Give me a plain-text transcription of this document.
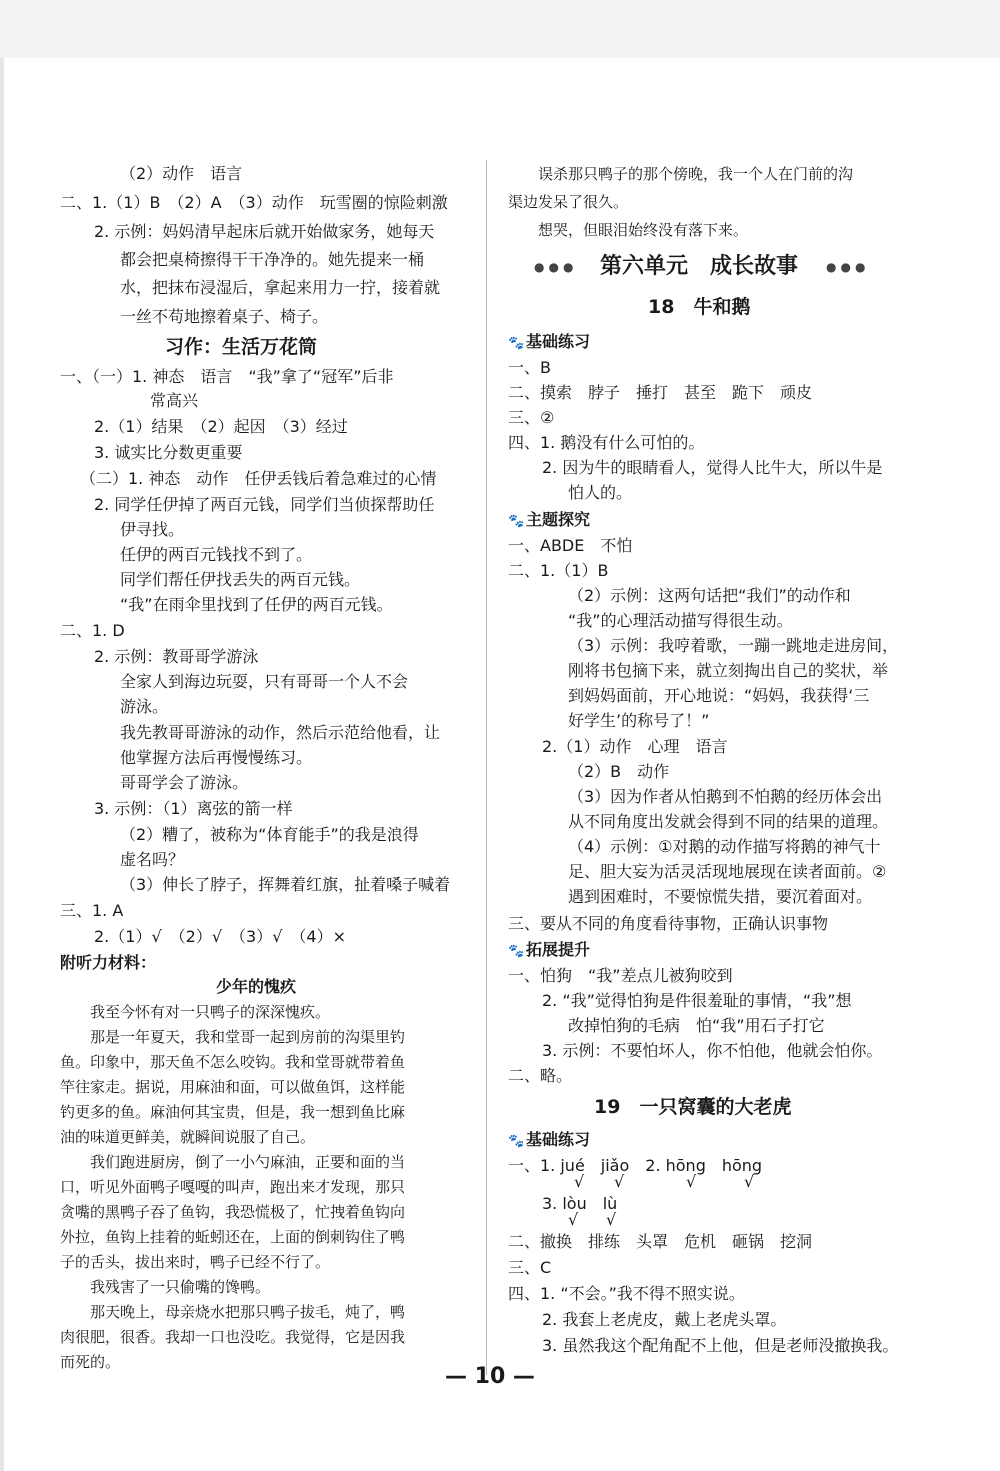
（2）动作　语言
二、1.（1）B　（2）A　（3）动作　玩雪圈的惊险刺激
2. 示例：妈妈清早起床后就开始做家务，她每天
都会把桌椅擦得干干净净的。她先提来一桶
水，把抹布浸湿后，拿起来用力一拧，接着就
一丝不苟地擦着桌子、椅子。
习作：生活万花筒
一、（一）1. 神态　语言　“我”拿了“冠军”后非
常高兴
2.（1）结果　（2）起因　（3）经过
3. 诚实比分数更重要
（二）1. 神态　动作　任伊丢钱后着急难过的心情
2. 同学任伊掉了两百元钱，同学们当侦探帮助任
伊寻找。
任伊的两百元钱找不到了。
同学们帮任伊找丢失的两百元钱。
“我”在雨伞里找到了任伊的两百元钱。
二、1. D
2. 示例：教哥哥学游泳
全家人到海边玩耍，只有哥哥一个人不会
游泳。
我先教哥哥游泳的动作，然后示范给他看，让
他掌握方法后再慢慢练习。
哥哥学会了游泳。
3. 示例：（1）离弦的箭一样
（2）糟了，被称为“体育能手”的我是浪得
虚名吗？
（3）伸长了脖子，挥舞着红旗，扯着嗓子喊着
三、1. A
2.（1）√　（2）√　（3）√　（4）×
附听力材料：
少年的愧疚
我至今怀有对一只鸭子的深深愧疚。
那是一年夏天，我和堂哥一起到房前的沟渠里钓
鱼。印象中，那天鱼不怎么咬钩。我和堂哥就带着鱼
竿往家走。据说，用麻油和面，可以做鱼饵，这样能
钓更多的鱼。麻油何其宝贵，但是，我一想到鱼比麻
油的味道更鲜美，就瞬间说服了自己。
我们跑进厨房，倒了一小勺麻油，正要和面的当
口，听见外面鸭子嘎嘎的叫声，跑出来才发现，那只
贪嘴的黑鸭子吞了鱼钩，我恐慌极了，忙拽着鱼钩向
外拉，鱼钩上挂着的蚯蚓还在，上面的倒刺钩住了鸭
子的舌头，拔出来时，鸭子已经不行了。
我残害了一只偷嘴的馋鸭。
那天晚上，母亲烧水把那只鸭子拔毛，炖了，鸭
肉很肥，很香。我却一口也没吃。我觉得，它是因我
而死的。
误杀那只鸭子的那个傍晚，我一个人在门前的沟
渠边发呆了很久。
想哭，但眼泪始终没有落下来。
●●● 第六单元　成长故事 ●●●
18　牛和鹅
🐾 基础练习
一、B
二、摸索　脖子　捶打　甚至　跪下　顽皮
三、②
四、1. 鹅没有什么可怕的。
2. 因为牛的眼睛看人，觉得人比牛大，所以牛是
怕人的。
🐾 主题探究
一、ABDE　不怕
二、1.（1）B
（2）示例：这两句话把“我们”的动作和
“我”的心理活动描写得很生动。
（3）示例：我哼着歌，一蹦一跳地走进房间，
刚将书包摘下来，就立刻掏出自己的奖状，举
到妈妈面前，开心地说：“妈妈，我获得‘三
好学生’的称号了！”
2.（1）动作　心理　语言
（2）B　动作
（3）因为作者从怕鹅到不怕鹅的经历体会出
从不同角度出发就会得到不同的结果的道理。
（4）示例：①对鹅的动作描写将鹅的神气十
足、胆大妄为活灵活现地展现在读者面前。②
遇到困难时，不要惊慌失措，要沉着面对。
三、要从不同的角度看待事物，正确认识事物
🐾 拓展提升
一、怕狗　“我”差点儿被狗咬到
2. “我”觉得怕狗是件很羞耻的事情，“我”想
改掉怕狗的毛病　怕“我”用石子打它
3. 示例：不要怕坏人，你不怕他，他就会怕你。
二、略。
19　一只窝囊的大老虎
🐾 基础练习
一、1. jué　jiǎo　2. hōng　hōng
√ √	√	√
3. lòu　lù
√ √
二、撤换　排练　头罩　危机　砸锅　挖洞
三、C
四、1. “不会。”我不得不照实说。
2. 我套上老虎皮，戴上老虎头罩。
3. 虽然我这个配角配不上他，但是老师没撤换我。
— 10 —
